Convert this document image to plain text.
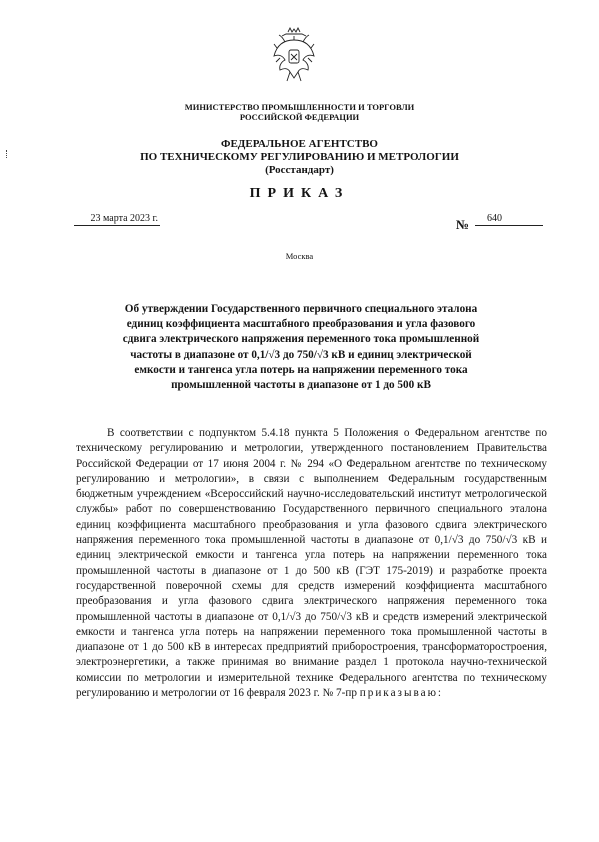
МИНИСТЕРСТВО ПРОМЫШЛЕННОСТИ И ТОРГОВЛИ
РОССИЙСКОЙ ФЕДЕРАЦИИ
ФЕДЕРАЛЬНОЕ АГЕНТСТВО
ПО ТЕХНИЧЕСКОМУ РЕГУЛИРОВАНИЮ И МЕТРОЛОГИИ
(Росстандарт)
ПРИКАЗ
23 марта 2023 г.	№	640
Москва
Об утверждении Государственного первичного специального эталона
единиц коэффициента масштабного преобразования и угла фазового
сдвига электрического напряжения переменного тока промышленной
частоты в диапазоне от 0,1/√3 до 750/√3 кВ и единиц электрической
емкости и тангенса угла потерь на напряжении переменного тока
промышленной частоты в диапазоне от 1 до 500 кВ

В соответствии с подпунктом 5.4.18 пункта 5 Положения о Федеральном агентстве по техническому регулированию и метрологии, утвержденного постановлением Правительства Российской Федерации от 17 июня 2004 г. № 294 «О Федеральном агентстве по техническому регулированию и метрологии», в связи с выполнением Федеральным государственным бюджетным учреждением «Всероссийский научно-исследовательский институт метрологической службы» работ по совершенствованию Государственного первичного специального эталона единиц коэффициента масштабного преобразования и угла фазового сдвига электрического напряжения переменного тока промышленной частоты в диапазоне от 0,1/√3 до 750/√3 кВ и единиц электрической емкости и тангенса угла потерь на напряжении переменного тока промышленной частоты в диапазоне от 1 до 500 кВ (ГЭТ 175-2019) и разработке проекта государственной поверочной схемы для средств измерений коэффициента масштабного преобразования и угла фазового сдвига электрического напряжения переменного тока промышленной частоты в диапазоне от 0,1/√3 до 750/√3 кВ и средств измерений электрической емкости и тангенса угла потерь на напряжении переменного тока промышленной частоты в диапазоне от 1 до 500 кВ в интересах предприятий приборостроения, трансформаторостроения, электроэнергетики, а также принимая во внимание раздел 1 протокола научно-технической комиссии по метрологии и измерительной технике Федерального агентства по техническому регулированию и метрологии от 16 февраля 2023 г. № 7-пр приказываю:
